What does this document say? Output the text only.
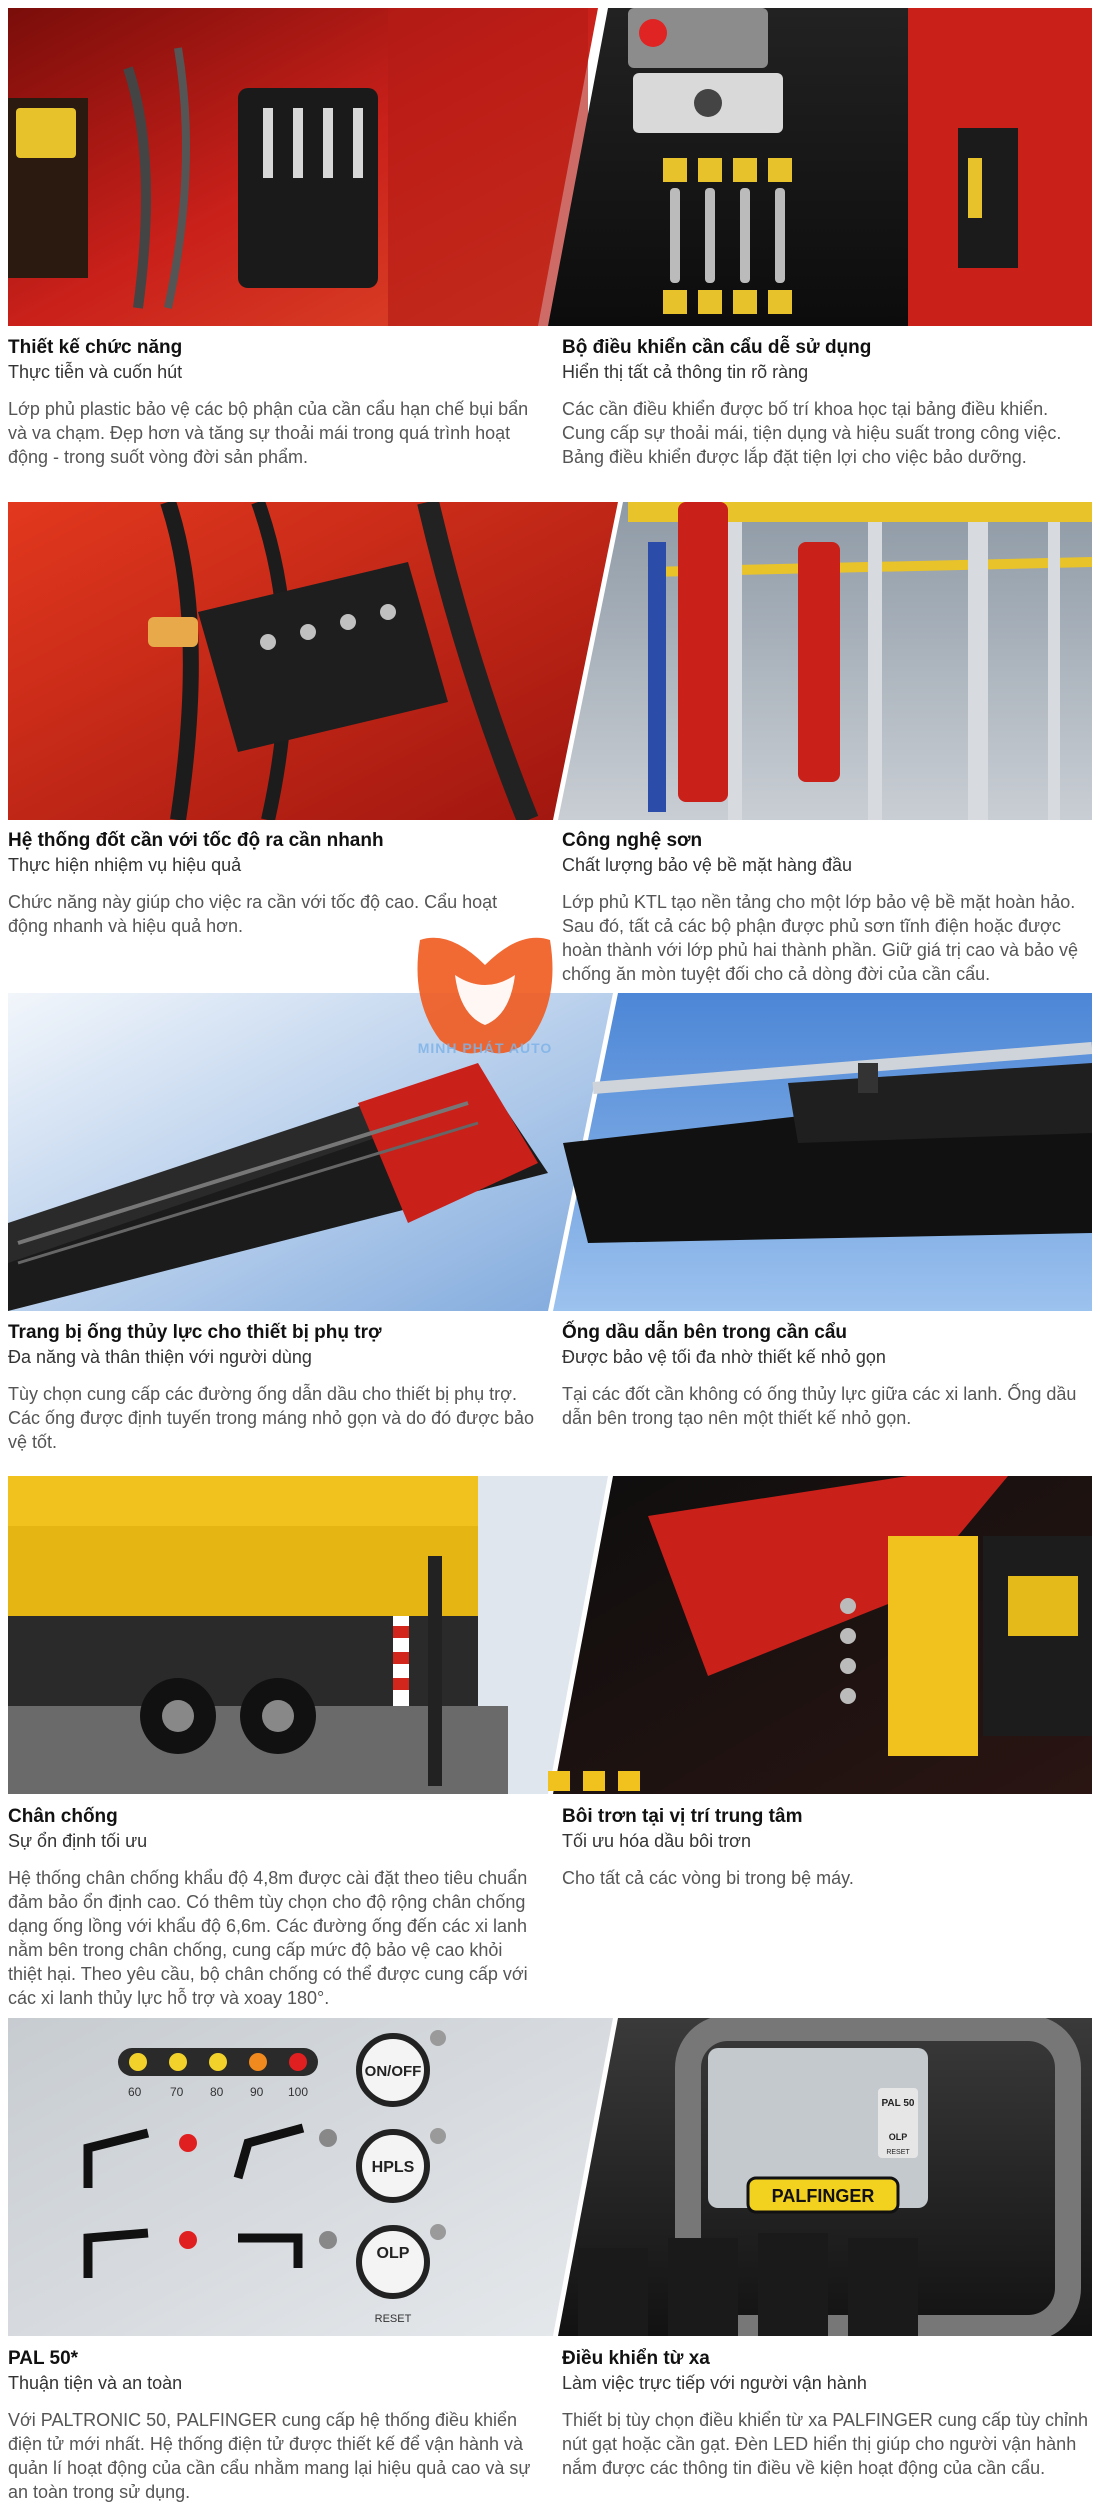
Thiết kế chức năng
Thực tiễn và cuốn hút
Lớp phủ plastic bảo vệ các bộ phận của cần cẩu hạn chế bụi bẩn và va chạm. Đẹp hơn và tăng sự thoải mái trong quá trình hoạt động - trong suốt vòng đời sản phẩm.
Bộ điều khiển cần cẩu dễ sử dụng
Hiển thị tất cả thông tin rõ ràng
Các cần điều khiển được bố trí khoa học tại bảng điều khiển. Cung cấp sự thoải mái, tiện dụng và hiệu suất trong công việc. Bảng điều khiển được lắp đặt tiện lợi cho việc bảo dưỡng.
Hệ thống đốt cần với tốc độ ra cần nhanh
Thực hiện nhiệm vụ hiệu quả
Chức năng này giúp cho việc ra cần với tốc độ cao. Cẩu hoạt động nhanh và hiệu quả hơn.
Công nghệ sơn
Chất lượng bảo vệ bề mặt hàng đầu
Lớp phủ KTL tạo nền tảng cho một lớp bảo vệ bề mặt hoàn hảo. Sau đó, tất cả các bộ phận được phủ sơn tĩnh điện hoặc được hoàn thành với lớp phủ hai thành phần. Giữ giá trị cao và bảo vệ chống ăn mòn tuyệt đối cho cả dòng đời của cần cẩu.
Trang bị ống thủy lực cho thiết bị phụ trợ
Đa năng và thân thiện với người dùng
Tùy chọn cung cấp các đường ống dẫn dầu cho thiết bị phụ trợ. Các ống được định tuyến trong máng nhỏ gọn và do đó được bảo vệ tốt.
Ống dầu dẫn bên trong cần cẩu
Được bảo vệ tối đa nhờ thiết kế nhỏ gọn
Tại các đốt cần không có ống thủy lực giữa các xi lanh. Ống dầu dẫn bên trong tạo nên một thiết kế nhỏ gọn.
Chân chống
Sự ổn định tối ưu
Hệ thống chân chống khẩu độ 4,8m được cài đặt theo tiêu chuẩn đảm bảo ổn định cao. Có thêm tùy chọn cho độ rộng chân chống dạng ống lồng với khẩu độ 6,6m. Các đường ống đến các xi lanh nằm bên trong chân chống, cung cấp mức độ bảo vệ cao khỏi thiệt hại. Theo yêu cầu, bộ chân chống có thể được cung cấp với các xi lanh thủy lực hỗ trợ và xoay 180°.
Bôi trơn tại vị trí trung tâm
Tối ưu hóa dầu bôi trơn
Cho tất cả các vòng bi trong bệ máy.
60 70 80 90 100
ON/OFF
HPLS
OLP
RESET
PAL 50
OLP
RESET
PALFINGER
PAL 50*
Thuận tiện và an toàn
Với PALTRONIC 50, PALFINGER cung cấp hệ thống điều khiển điện tử mới nhất. Hệ thống điện tử được thiết kế để vận hành và quản lí hoạt động của cần cẩu nhằm mang lại hiệu quả cao và sự an toàn trong sử dụng.
Điều khiển từ xa
Làm việc trực tiếp với người vận hành
Thiết bị tùy chọn điều khiển từ xa PALFINGER cung cấp tùy chỉnh nút gạt hoặc cần gạt. Đèn LED hiển thị giúp cho người vận hành nắm được các thông tin điều về kiện hoạt động của cần cẩu.
MINH PHÁT AUTO
